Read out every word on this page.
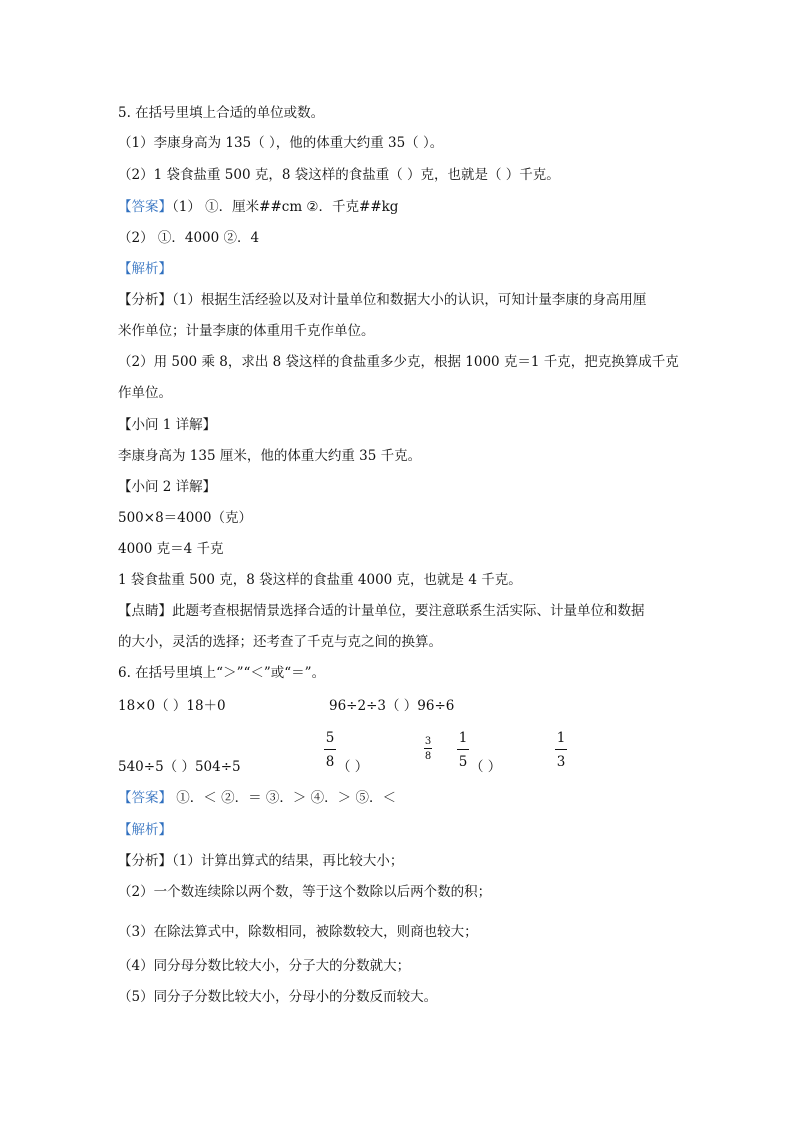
5. 在括号里填上合适的单位或数。
（1）李康身高为 135（ ），他的体重大约重 35（ ）。
（2）1 袋食盐重 500 克，8 袋这样的食盐重（ ）克，也就是（ ）千克。
【答案】（1） ①．厘米##cm ②．千克##kg
（2） ①．4000 ②．4
【解析】
【分析】（1）根据生活经验以及对计量单位和数据大小的认识，可知计量李康的身高用厘
米作单位；计量李康的体重用千克作单位。
（2）用 500 乘 8，求出 8 袋这样的食盐重多少克，根据 1000 克＝1 千克，把克换算成千克
作单位。
【小问 1 详解】
李康身高为 135 厘米，他的体重大约重 35 千克。
【小问 2 详解】
500×8＝4000（克）
4000 克＝4 千克
1 袋食盐重 500 克，8 袋这样的食盐重 4000 克，也就是 4 千克。
【点睛】此题考查根据情景选择合适的计量单位，要注意联系生活实际、计量单位和数据
的大小，灵活的选择；还考查了千克与克之间的换算。
6. 在括号里填上“＞”“＜”或“＝”。
18×0（ ）18＋0	96÷2÷3（ ）96÷6
540÷5（ ）504÷5
5
8 （ ）
3
8
1
5 （ ）
1
3
【答案】 ①．＜ ②．＝ ③．＞ ④．＞ ⑤．＜
【解析】
【分析】（1）计算出算式的结果，再比较大小；
（2）一个数连续除以两个数，等于这个数除以后两个数的积；
（3）在除法算式中，除数相同，被除数较大，则商也较大；
（4）同分母分数比较大小，分子大的分数就大；
（5）同分子分数比较大小，分母小的分数反而较大。
